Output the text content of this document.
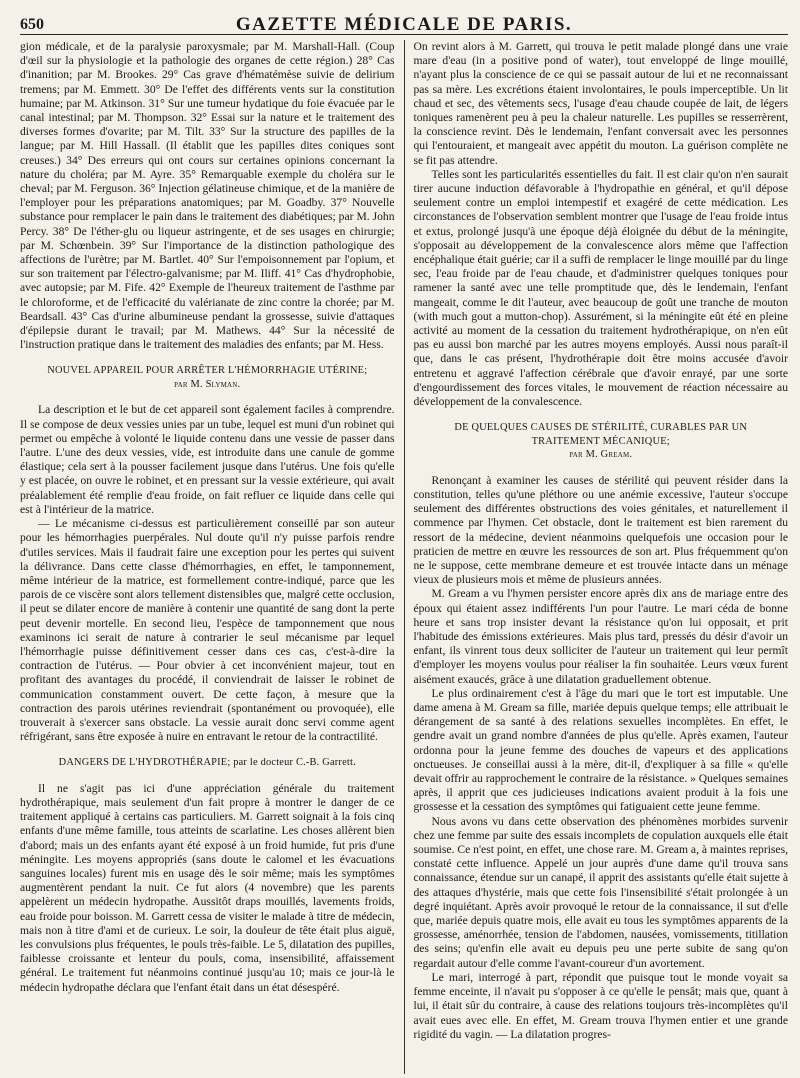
650	GAZETTE MÉDICALE DE PARIS.

gion médicale, et de la paralysie paroxysmale; par M. Marshall-Hall. (Coup d'œil sur la physiologie et la pathologie des organes de cette région.) 28° Cas d'inanition; par M. Brookes. 29° Cas grave d'hématémèse suivie de delirium tremens; par M. Emmett. 30° De l'effet des différents vents sur la constitution humaine; par M. Atkinson. 31° Sur une tumeur hydatique du foie évacuée par le canal intestinal; par M. Thompson. 32° Essai sur la nature et le traitement des diverses formes d'ovarite; par M. Tilt. 33° Sur la structure des papilles de la langue; par M. Hill Hassall. (Il établit que les papilles dites coniques sont creuses.) 34° Des erreurs qui ont cours sur certaines opinions concernant la nature du choléra; par M. Ayre. 35° Remarquable exemple du choléra sur le cheval; par M. Ferguson. 36° Injection gélatineuse chimique, et de la manière de l'employer pour les préparations anatomiques; par M. Goadby. 37° Nouvelle substance pour remplacer le pain dans le traitement des diabétiques; par M. John Percy. 38° De l'éther-glu ou liqueur astringente, et de ses usages en chirurgie; par M. Schœnbein. 39° Sur l'importance de la distinction pathologique des affections de l'urètre; par M. Bartlet. 40° Sur l'empoisonnement par l'opium, et sur son traitement par l'électro-galvanisme; par M. Iliff. 41° Cas d'hydrophobie, avec autopsie; par M. Fife. 42° Exemple de l'heureux traitement de l'asthme par le chloroforme, et de l'efficacité du valérianate de zinc contre la chorée; par M. Beardsall. 43° Cas d'urine albumineuse pendant la grossesse, suivie d'attaques d'épilepsie durant le travail; par M. Mathews. 44° Sur la nécessité de l'instruction pratique dans le traitement des maladies des enfants; par M. Hess.

NOUVEL APPAREIL POUR ARRÊTER L'HÉMORRHAGIE UTÉRINE;
par M. Slyman.

La description et le but de cet appareil sont également faciles à comprendre. Il se compose de deux vessies unies par un tube, lequel est muni d'un robinet qui permet ou empêche à volonté le liquide contenu dans une vessie de passer dans l'autre. L'une des deux vessies, vide, est introduite dans une canule de gomme élastique; cela sert à la pousser facilement jusque dans l'utérus. Une fois qu'elle y est placée, on ouvre le robinet, et en pressant sur la vessie extérieure, qui avait préalablement été remplie d'eau froide, on fait refluer ce liquide dans celle qui est à l'intérieur de la matrice.

— Le mécanisme ci-dessus est particulièrement conseillé par son auteur pour les hémorrhagies puerpérales. Nul doute qu'il n'y puisse parfois rendre d'utiles services. Mais il faudrait faire une exception pour les pertes qui suivent la délivrance. Dans cette classe d'hémorrhagies, en effet, le tamponnement, même intérieur de la matrice, est formellement contre-indiqué, parce que les parois de ce viscère sont alors tellement distensibles que, malgré cette occlusion, il peut se dilater encore de manière à contenir une quantité de sang dont la perte peut devenir mortelle. En second lieu, l'espèce de tamponnement que nous examinons ici serait de nature à contrarier le seul mécanisme par lequel l'hémorrhagie puisse définitivement cesser dans ces cas, c'est-à-dire la contraction de l'utérus. — Pour obvier à cet inconvénient majeur, tout en profitant des avantages du procédé, il conviendrait de laisser le robinet de communication constamment ouvert. De cette façon, à mesure que la contraction des parois utérines reviendrait (spontanément ou provoquée), elle trouverait à s'exercer sans obstacle. La vessie aurait donc servi comme agent réfrigérant, sans être exposée à nuire en entravant le retour de la contractilité.

DANGERS DE L'HYDROTHÉRAPIE; par le docteur C.-B. Garrett.

Il ne s'agit pas ici d'une appréciation générale du traitement hydrothérapique, mais seulement d'un fait propre à montrer le danger de ce traitement appliqué à certains cas particuliers. M. Garrett soignait à la fois cinq enfants d'une même famille, tous atteints de scarlatine. Les choses allèrent bien d'abord; mais un des enfants ayant été exposé à un froid humide, fut pris d'une méningite. Les moyens appropriés (sans doute le calomel et les évacuations sanguines locales) furent mis en usage dès le soir même; mais les symptômes augmentèrent pendant la nuit. Ce fut alors (4 novembre) que les parents appelèrent un médecin hydropathe. Aussitôt draps mouillés, lavements froids, eau froide pour boisson. M. Garrett cessa de visiter le malade à titre de médecin, mais non à titre d'ami et de curieux. Le soir, la douleur de tête était plus aiguë, les convulsions plus fréquentes, le pouls très-faible. Le 5, dilatation des pupilles, faiblesse croissante et lenteur du pouls, coma, insensibilité, affaissement général. Le traitement fut néanmoins continué jusqu'au 10; mais ce jour-là le médecin hydropathe déclara que l'enfant était dans un état désespéré.

On revint alors à M. Garrett, qui trouva le petit malade plongé dans une vraie mare d'eau (in a positive pond of water), tout enveloppé de linge mouillé, n'ayant plus la conscience de ce qui se passait autour de lui et ne reconnaissant pas sa mère. Les excrétions étaient involontaires, le pouls imperceptible. Un lit chaud et sec, des vêtements secs, l'usage d'eau chaude coupée de lait, de légers toniques ramenèrent peu à peu la chaleur naturelle. Les pupilles se resserrèrent, la conscience revint. Dès le lendemain, l'enfant conversait avec les personnes qui l'entouraient, et mangeait avec appétit du mouton. La guérison complète ne se fit pas attendre.

Telles sont les particularités essentielles du fait. Il est clair qu'on n'en saurait tirer aucune induction défavorable à l'hydropathie en général, et qu'il dépose seulement contre un emploi intempestif et exagéré de cette médication. Les circonstances de l'observation semblent montrer que l'usage de l'eau froide intus et extus, prolongé jusqu'à une époque déjà éloignée du début de la méningite, s'opposait au développement de la convalescence alors même que l'affection encéphalique était guérie; car il a suffi de remplacer le linge mouillé par du linge sec, l'eau froide par de l'eau chaude, et d'administrer quelques toniques pour ramener la santé avec une telle promptitude que, dès le lendemain, l'enfant mangeait, comme le dit l'auteur, avec beaucoup de goût une tranche de mouton (with much gout a mutton-chop). Assurément, si la méningite eût été en pleine activité au moment de la cessation du traitement hydrothérapique, on n'en eût pas eu aussi bon marché par les autres moyens employés. Aussi nous paraît-il que, dans le cas présent, l'hydrothérapie doit être moins accusée d'avoir entretenu et aggravé l'affection cérébrale que d'avoir enrayé, par une sorte d'engourdissement des forces vitales, le mouvement de réaction nécessaire au développement de la convalescence.

DE QUELQUES CAUSES DE STÉRILITÉ, CURABLES PAR UN TRAITEMENT MÉCANIQUE;
par M. Gream.

Renonçant à examiner les causes de stérilité qui peuvent résider dans la constitution, telles qu'une pléthore ou une anémie excessive, l'auteur s'occupe seulement des différentes obstructions des voies génitales, et naturellement il commence par l'hymen. Cet obstacle, dont le traitement est bien rarement du ressort de la médecine, devient néanmoins quelquefois une occasion pour le praticien de mettre en œuvre les ressources de son art. Plus fréquemment qu'on ne le suppose, cette membrane demeure et est trouvée intacte dans un ménage vieux de plusieurs mois et même de plusieurs années.

M. Gream a vu l'hymen persister encore après dix ans de mariage entre des époux qui étaient assez indifférents l'un pour l'autre. Le mari céda de bonne heure et sans trop insister devant la résistance qu'on lui opposait, et prit l'habitude des émissions extérieures. Mais plus tard, pressés du désir d'avoir un enfant, ils vinrent tous deux solliciter de l'auteur un traitement qui leur permît d'employer les moyens voulus pour réaliser la fin souhaitée. Leurs vœux furent aisément exaucés, grâce à une dilatation graduellement obtenue.

Le plus ordinairement c'est à l'âge du mari que le tort est imputable. Une dame amena à M. Gream sa fille, mariée depuis quelque temps; elle attribuait le dérangement de sa santé à des relations sexuelles incomplètes. En effet, le gendre avait un grand nombre d'années de plus qu'elle. Après examen, l'auteur ordonna pour la jeune femme des douches de vapeurs et des applications onctueuses. Je conseillai aussi à la mère, dit-il, d'expliquer à sa fille « qu'elle devait offrir au rapprochement le contraire de la résistance. » Quelques semaines après, il apprit que ces judicieuses indications avaient produit à la fois une grossesse et la cessation des symptômes qui fatiguaient cette jeune femme.

Nous avons vu dans cette observation des phénomènes morbides survenir chez une femme par suite des essais incomplets de copulation auxquels elle était soumise. Ce n'est point, en effet, une chose rare. M. Gream a, à maintes reprises, constaté cette influence. Appelé un jour auprès d'une dame qu'il trouva sans connaissance, étendue sur un canapé, il apprit des assistants qu'elle était sujette à des attaques d'hystérie, mais que cette fois l'insensibilité s'était prolongée à un degré inquiétant. Après avoir provoqué le retour de la connaissance, il sut d'elle que, mariée depuis quatre mois, elle avait eu tous les symptômes apparents de la grossesse, aménorrhée, tension de l'abdomen, nausées, vomissements, titillation des seins; qu'enfin elle avait eu depuis peu une perte subite de sang qu'on regardait autour d'elle comme l'avant-coureur d'un avortement.

Le mari, interrogé à part, répondit que puisque tout le monde voyait sa femme enceinte, il n'avait pu s'opposer à ce qu'elle le pensât; mais que, quant à lui, il était sûr du contraire, à cause des relations toujours très-incomplètes qu'il avait eues avec elle. En effet, M. Gream trouva l'hymen entier et une grande rigidité du vagin. — La dilatation progres-
